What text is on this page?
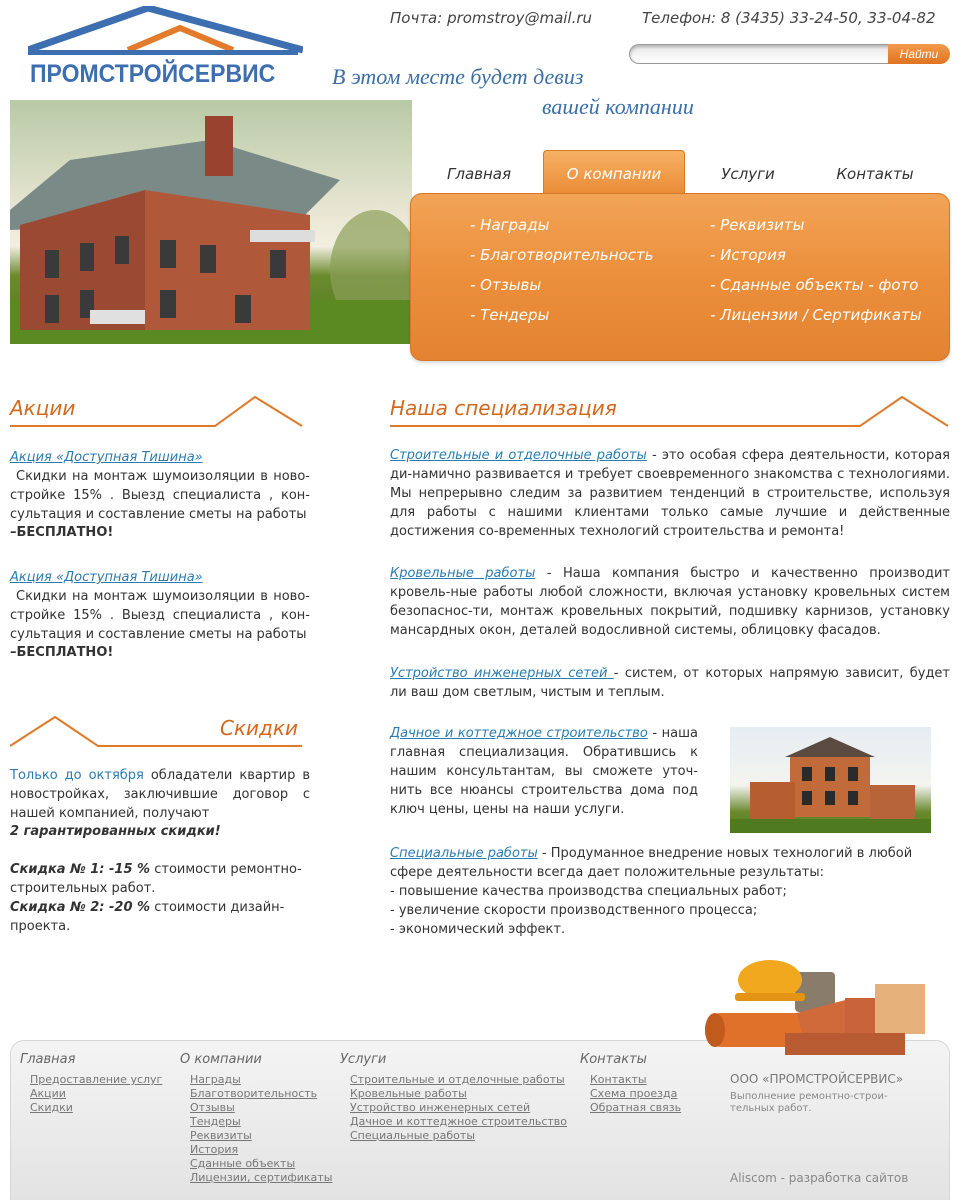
ПРОМСТРОЙСЕРВИС
Почта: promstroy@mail.ru	Телефон: 8 (3435) 33-24-50, 33-04-82
Найти
В этом месте будет девиз
вашей компании
Главная	О компании	Услуги	Контакты
- Награды
- Благотворительность
- Отзывы
- Тендеры
- Реквизиты
- История
- Сданные объекты - фото
- Лицензии / Сертификаты
Акции
Акция «Доступная Тишина»
Скидки на монтаж шумоизоляции в ново-стройке 15% . Выезд специалиста , кон-сультация и составление сметы на работы
–БЕСПЛАТНО!
Акция «Доступная Тишина»
Скидки на монтаж шумоизоляции в ново-стройке 15% . Выезд специалиста , кон-сультация и составление сметы на работы
–БЕСПЛАТНО!
Скидки
Только до октября обладатели квартир в новостройках, заключившие договор с нашей компанией, получают
2 гарантированных скидки!
Скидка № 1: -15 % стоимости ремонтно-строительных работ.
Скидка № 2: -20 % стоимости дизайн-проекта.
Наша специализация
Строительные и отделочные работы - это особая сфера деятельности, которая ди-намично развивается и требует своевременного знакомства с технологиями. Мы непрерывно следим за развитием тенденций в строительстве, используя для работы с нашими клиентами только самые лучшие и действенные достижения со-временных технологий строительства и ремонта!
Кровельные работы - Наша компания быстро и качественно производит кровель-ные работы любой сложности, включая установку кровельных систем безопаснос-ти, монтаж кровельных покрытий, подшивку карнизов, установку мансардных окон, деталей водосливной системы, облицовку фасадов.
Устройство инженерных сетей - систем, от которых напрямую зависит, будет ли ваш дом светлым, чистым и теплым.
Дачное и коттеджное строительство - наша главная специализация. Обратившись к нашим консультантам, вы сможете уточ-нить все нюансы строительства дома под ключ цены, цены на наши услуги.
Специальные работы - Продуманное внедрение новых технологий в любой сфере деятельности всегда дает положительные результаты:
- повышение качества производства специальных работ;
- увеличение скорости производственного процесса;
- экономический эффект.
Главная
Предоставление услуг
Акции
Скидки
О компании
Награды
Благотворительность
Отзывы
Тендеры
Реквизиты
История
Сданные объекты
Лицензии, сертификаты
Услуги
Строительные и отделочные работы
Кровельные работы
Устройство инженерных сетей
Дачное и коттеджное строительство
Специальные работы
Контакты
Контакты
Схема проезда
Обратная связь
ООО «ПРОМСТРОЙСЕРВИС»
Выполнение ремонтно-строи-
тельных работ.
Aliscom - разработка сайтов
